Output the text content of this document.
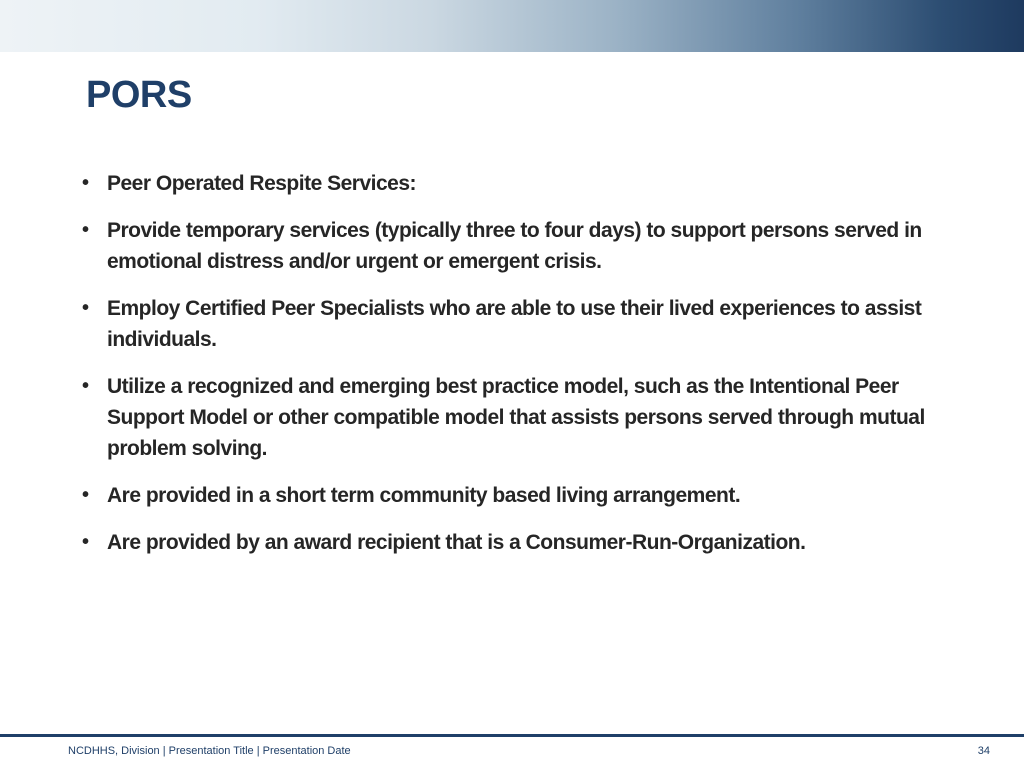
PORS
• Peer Operated Respite Services:
• Provide temporary services (typically three to four days) to support persons served in emotional distress and/or urgent or emergent crisis.
• Employ Certified Peer Specialists who are able to use their lived experiences to assist individuals.
• Utilize a recognized and emerging best practice model, such as the Intentional Peer Support Model or other compatible model that assists persons served through mutual problem solving.
• Are provided in a short term community based living arrangement.
• Are provided by an award recipient that is a Consumer-Run-Organization.
NCDHHS, Division | Presentation Title | Presentation Date	34
